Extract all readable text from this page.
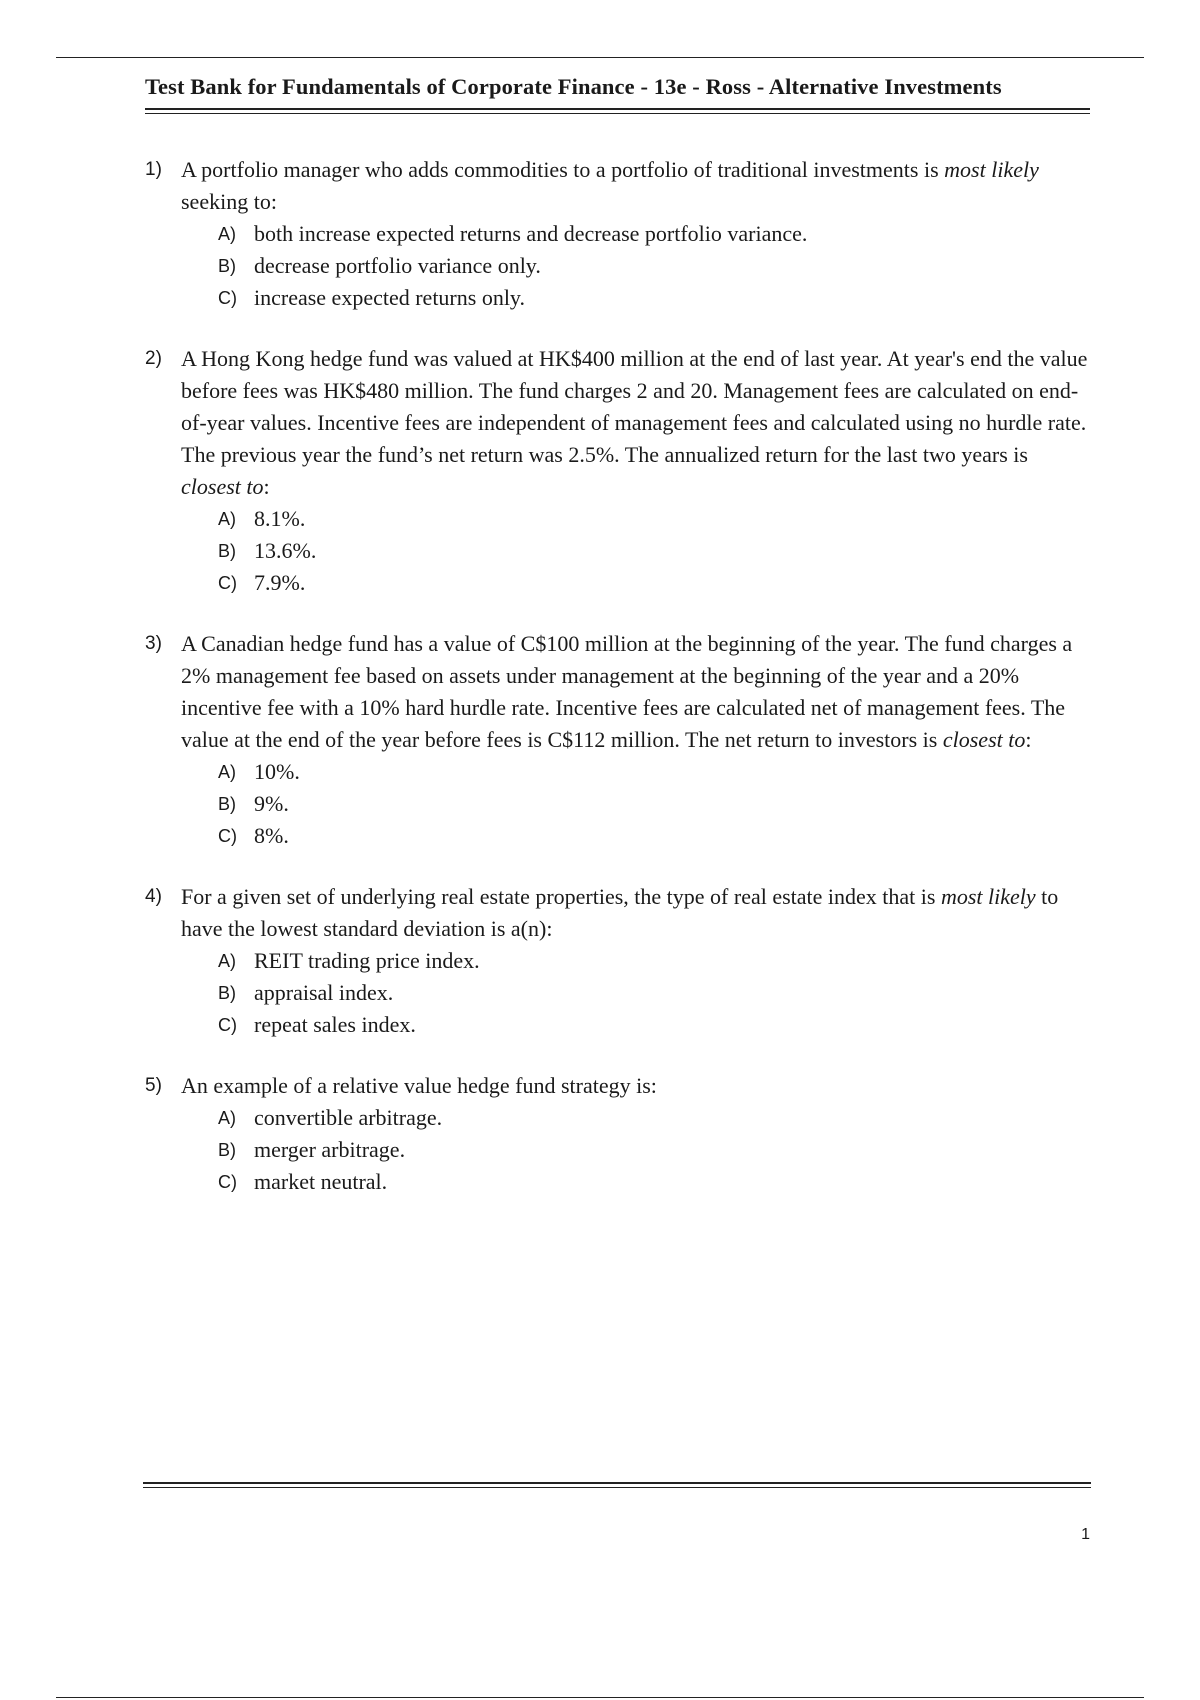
Test Bank for Fundamentals of Corporate Finance - 13e - Ross - Alternative Investments
1) A portfolio manager who adds commodities to a portfolio of traditional investments is most likely seeking to:
A) both increase expected returns and decrease portfolio variance.
B) decrease portfolio variance only.
C) increase expected returns only.
2) A Hong Kong hedge fund was valued at HK$400 million at the end of last year. At year's end the value before fees was HK$480 million. The fund charges 2 and 20. Management fees are calculated on end- of-year values. Incentive fees are independent of management fees and calculated using no hurdle rate. The previous year the fund’s net return was 2.5%. The annualized return for the last two years is closest to:
A) 8.1%.
B) 13.6%.
C) 7.9%.
3) A Canadian hedge fund has a value of C$100 million at the beginning of the year. The fund charges a 2% management fee based on assets under management at the beginning of the year and a 20% incentive fee with a 10% hard hurdle rate. Incentive fees are calculated net of management fees. The value at the end of the year before fees is C$112 million. The net return to investors is closest to:
A) 10%.
B) 9%.
C) 8%.
4) For a given set of underlying real estate properties, the type of real estate index that is most likely to have the lowest standard deviation is a(n):
A) REIT trading price index.
B) appraisal index.
C) repeat sales index.
5) An example of a relative value hedge fund strategy is:
A) convertible arbitrage.
B) merger arbitrage.
C) market neutral.
1
